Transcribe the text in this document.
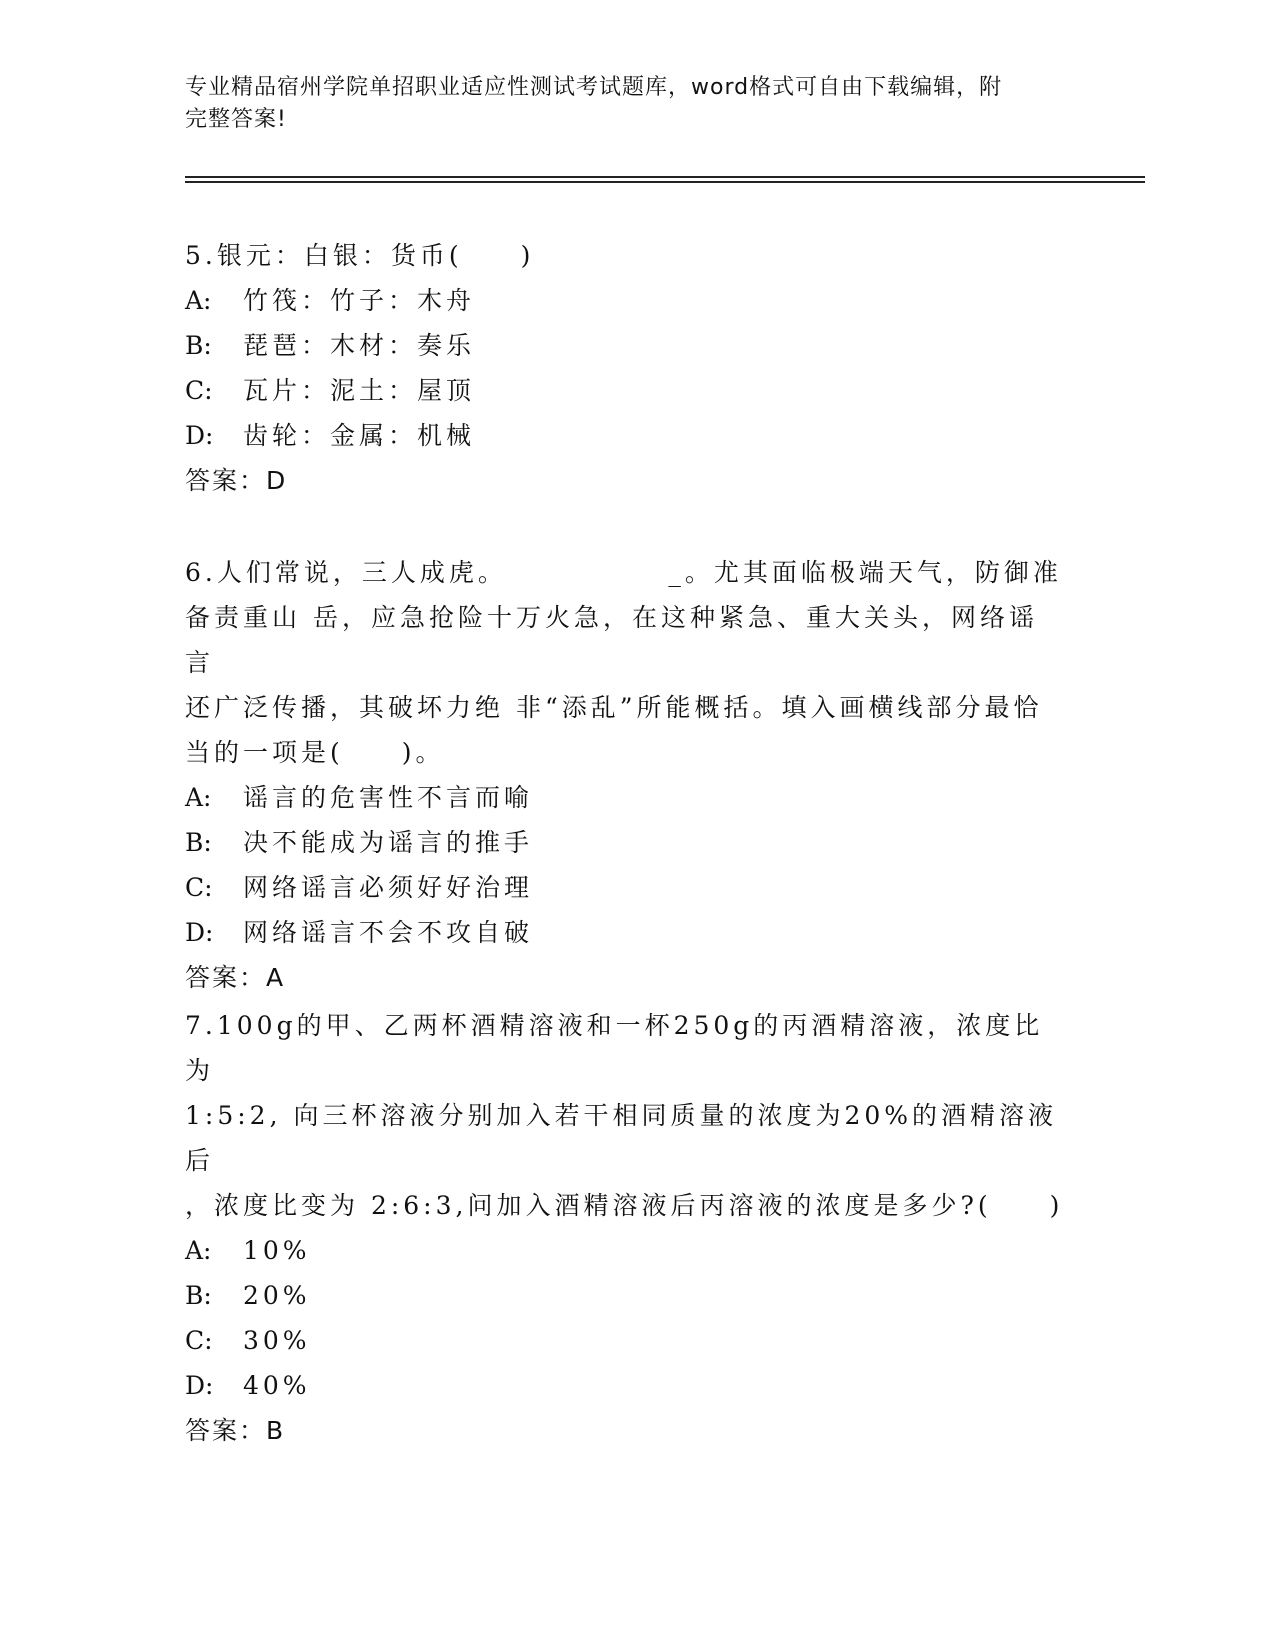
专业精品宿州学院单招职业适应性测试考试题库，word格式可自由下载编辑，附
完整答案!

5.银元：白银：货币(　　)

A:	竹筏：竹子：木舟
B:	琵琶：木材：奏乐
C:	瓦片：泥土：屋顶
D:	齿轮：金属：机械

答案：D

6.人们常说，三人成虎。　　　　　　_。尤其面临极端天气，防御准

备责重山 岳，应急抢险十万火急，在这种紧急、重大关头，网络谣言

还广泛传播，其破坏力绝 非“添乱”所能概括。填入画横线部分最恰

当的一项是(　　)。

A:	谣言的危害性不言而喻
B:	决不能成为谣言的推手
C:	网络谣言必须好好治理
D:	网络谣言不会不攻自破

答案：A

7.100g的甲、乙两杯酒精溶液和一杯250g的丙酒精溶液，浓度比为

1:5:2, 向三杯溶液分别加入若干相同质量的浓度为20%的酒精溶液后

，浓度比变为 2:6:3,问加入酒精溶液后丙溶液的浓度是多少?(　　)

A:	10%
B:	20%
C:	30%
D:	40%

答案：B
